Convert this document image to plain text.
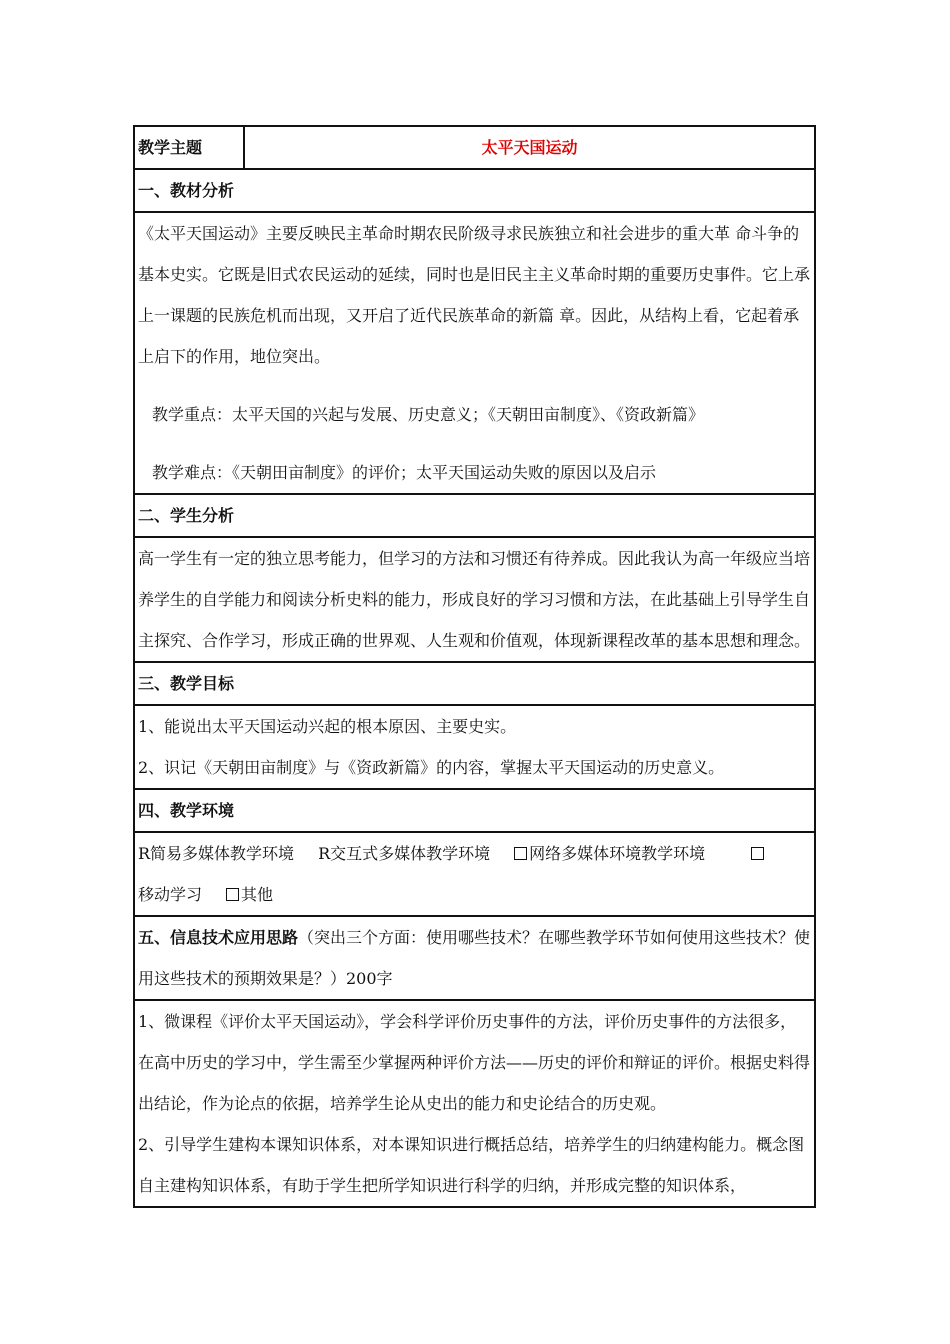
教学主题	太平天国运动
一、教材分析

《太平天国运动》主要反映民主革命时期农民阶级寻求民族独立和社会进步的重大革 命斗争的基本史实。它既是旧式农民运动的延续，同时也是旧民主主义革命时期的重要历史事件。它上承上一课题的民族危机而出现，又开启了近代民族革命的新篇 章。因此，从结构上看，它起着承上启下的作用，地位突出。

教学重点：太平天国的兴起与发展、历史意义；《天朝田亩制度》、《资政新篇》
教学难点：《天朝田亩制度》的评价；太平天国运动失败的原因以及启示

二、学生分析
高一学生有一定的独立思考能力，但学习的方法和习惯还有待养成。因此我认为高一年级应当培养学生的自学能力和阅读分析史料的能力，形成良好的学习习惯和方法，在此基础上引导学生自主探究、合作学习，形成正确的世界观、人生观和价值观，体现新课程改革的基本思想和理念。
三、教学目标

1、能说出太平天国运动兴起的根本原因、主要史实。
2、识记《天朝田亩制度》与《资政新篇》的内容，掌握太平天国运动的历史意义。

四、教学环境
R简易多媒体教学环境 R交互式多媒体教学环境 网络多媒体环境教学环境
移动学习 其他
五、信息技术应用思路（突出三个方面：使用哪些技术？在哪些教学环节如何使用这些技术？使用这些技术的预期效果是？）200字

1、微课程《评价太平天国运动》，学会科学评价历史事件的方法，评价历史事件的方法很多，在高中历史的学习中，学生需至少掌握两种评价方法——历史的评价和辩证的评价。根据史料得出结论，作为论点的依据，培养学生论从史出的能力和史论结合的历史观。
2、引导学生建构本课知识体系，对本课知识进行概括总结，培养学生的归纳建构能力。概念图自主建构知识体系，有助于学生把所学知识进行科学的归纳，并形成完整的知识体系，
